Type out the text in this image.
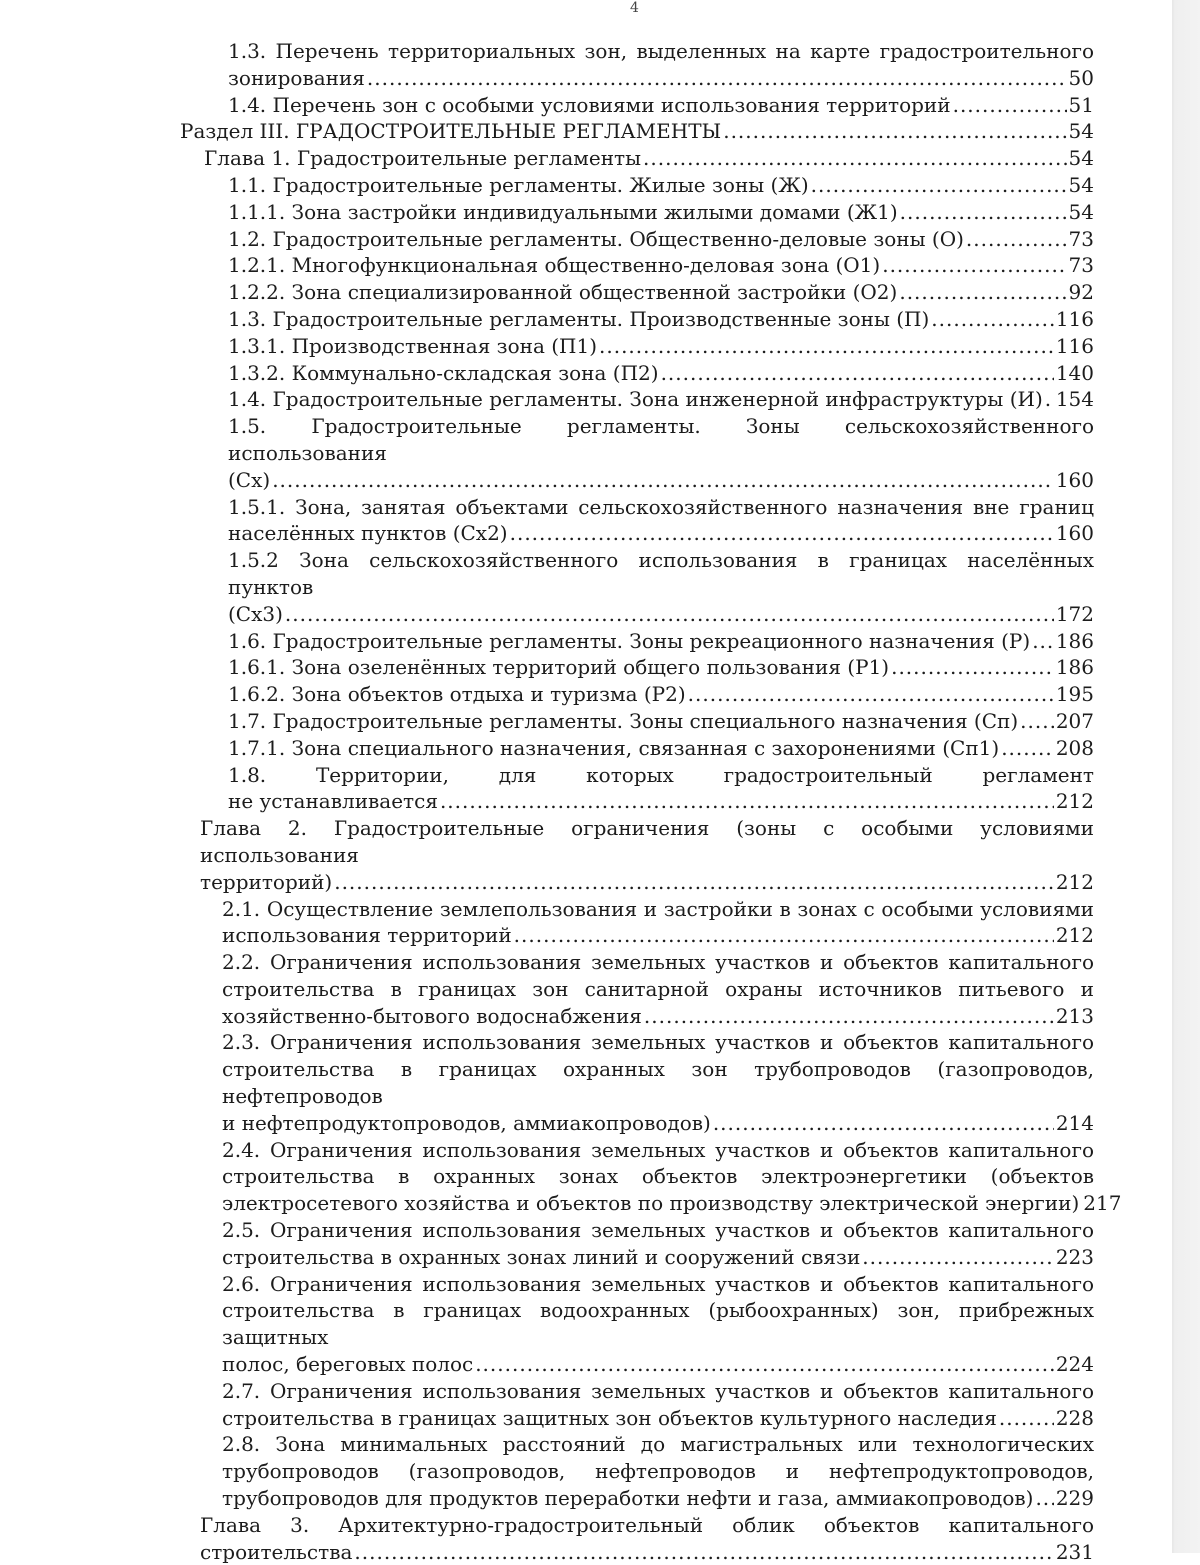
4
1.3. Перечень территориальных зон, выделенных на карте градостроительного
зонирования .....	50
1.4. Перечень зон с особыми условиями использования территорий .....	51
Раздел III. ГРАДОСТРОИТЕЛЬНЫЕ РЕГЛАМЕНТЫ .....	54
Глава 1. Градостроительные регламенты .....	54
1.1. Градостроительные регламенты. Жилые зоны (Ж) .....	54
1.1.1. Зона застройки индивидуальными жилыми домами (Ж1) .....	54
1.2. Градостроительные регламенты. Общественно-деловые зоны (О) .....	73
1.2.1. Многофункциональная общественно-деловая зона (О1) .....	73
1.2.2. Зона специализированной общественной застройки (О2) .....	92
1.3. Градостроительные регламенты. Производственные зоны (П) .....	116
1.3.1. Производственная зона (П1) .....	116
1.3.2. Коммунально-складская зона (П2) .....	140
1.4. Градостроительные регламенты. Зона инженерной инфраструктуры (И) ..... 154
1.5. Градостроительные регламенты. Зоны сельскохозяйственного использования
(Сх) .....	160
1.5.1. Зона, занятая объектами сельскохозяйственного назначения вне границ
населённых пунктов (Сх2) .....	160
1.5.2 Зона сельскохозяйственного использования в границах населённых пунктов
(Сх3) .....	172
1.6. Градостроительные регламенты. Зоны рекреационного назначения (Р) ..... 186
1.6.1. Зона озеленённых территорий общего пользования (Р1) .....	186
1.6.2. Зона объектов отдыха и туризма (Р2) .....	195
1.7. Градостроительные регламенты. Зоны специального назначения (Сп) ..... 207
1.7.1. Зона специального назначения, связанная с захоронениями (Сп1) .....	208
1.8. Территории, для которых градостроительный регламент
не устанавливается .....	212
Глава 2. Градостроительные ограничения (зоны с особыми условиями использования
территорий) .....	212
2.1. Осуществление землепользования и застройки в зонах с особыми условиями
использования территорий .....	212
2.2. Ограничения использования земельных участков и объектов капитального
строительства в границах зон санитарной охраны источников питьевого и
хозяйственно-бытового водоснабжения .....	213
2.3. Ограничения использования земельных участков и объектов капитального
строительства в границах охранных зон трубопроводов (газопроводов, нефтепроводов
и нефтепродуктопроводов, аммиакопроводов) .....	214
2.4. Ограничения использования земельных участков и объектов капитального
строительства в охранных зонах объектов электроэнергетики (объектов
электросетевого хозяйства и объектов по производству электрической энергии) 217
2.5. Ограничения использования земельных участков и объектов капитального
строительства в охранных зонах линий и сооружений связи .....	223
2.6. Ограничения использования земельных участков и объектов капитального
строительства в границах водоохранных (рыбоохранных) зон, прибрежных защитных
полос, береговых полос .....	224
2.7. Ограничения использования земельных участков и объектов капитального
строительства в границах защитных зон объектов культурного наследия .....	228
2.8. Зона минимальных расстояний до магистральных или технологических
трубопроводов (газопроводов, нефтепроводов и нефтепродуктопроводов,
трубопроводов для продуктов переработки нефти и газа, аммиакопроводов) ..... 229
Глава 3. Архитектурно-градостроительный облик объектов капитального
строительства .....	231
